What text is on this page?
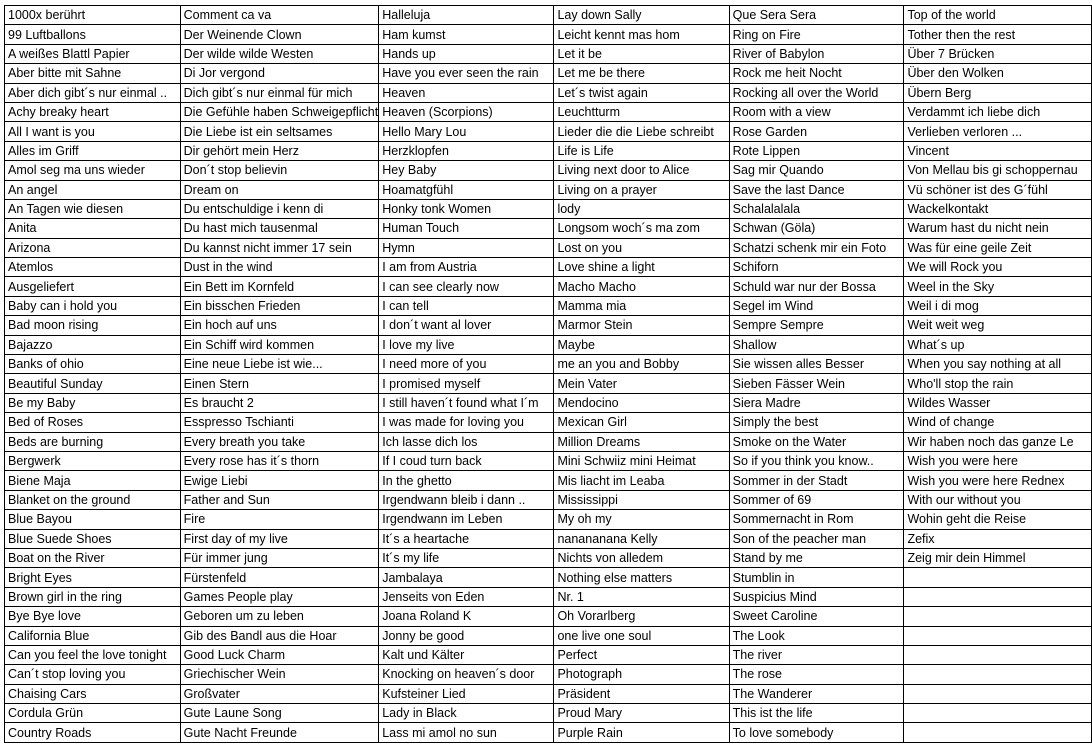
1000x berührt	Comment ca va	Halleluja	Lay down Sally	Que Sera Sera	Top of the world
99 Luftballons	Der Weinende Clown	Ham kumst	Leicht kennt mas hom	Ring on Fire	Tother then the rest
A weißes Blattl Papier	Der wilde wilde Westen	Hands up	Let it be	River of Babylon	Über 7 Brücken
Aber bitte mit Sahne	Di Jor vergond	Have you ever seen the rain	Let me be there	Rock me heit Nocht	Über den Wolken
Aber dich gibt´s nur einmal ..	Dich gibt´s nur einmal für mich	Heaven	Let´s twist again	Rocking all over the World	Übern Berg
Achy breaky heart	Die Gefühle haben Schweigepflicht	Heaven (Scorpions)	Leuchtturm	Room with a view	Verdammt ich liebe dich
All I want is you	Die Liebe ist ein seltsames	Hello Mary Lou	Lieder die die Liebe schreibt	Rose Garden	Verlieben verloren ...
Alles im Griff	Dir gehört mein Herz	Herzklopfen	Life is Life	Rote Lippen	Vincent
Amol seg ma uns wieder	Don´t stop believin	Hey Baby	Living next door to Alice	Sag mir Quando	Von Mellau bis gi schoppernau
An angel	Dream on	Hoamatgfühl	Living on a prayer	Save the last Dance	Vü schöner ist des G´fühl
An Tagen wie diesen	Du entschuldige i kenn di	Honky tonk Women	lody	Schalalalala	Wackelkontakt
Anita	Du hast mich tausenmal	Human Touch	Longsom woch´s ma zom	Schwan (Göla)	Warum hast du nicht nein
Arizona	Du kannst nicht immer 17 sein	Hymn	Lost on you	Schatzi schenk mir ein Foto	Was für eine geile Zeit
Atemlos	Dust in the wind	I am from Austria	Love shine a light	Schiforn	We will Rock you
Ausgeliefert	Ein Bett im Kornfeld	I can see clearly now	Macho Macho	Schuld war nur der Bossa	Weel in the Sky
Baby can i hold you	Ein bisschen Frieden	I can tell	Mamma mia	Segel im Wind	Weil i di mog
Bad moon rising	Ein hoch auf uns	I don´t want al lover	Marmor Stein	Sempre Sempre	Weit weit weg
Bajazzo	Ein Schiff wird kommen	I love my live	Maybe	Shallow	What´s up
Banks of ohio	Eine neue Liebe ist wie...	I need more of you	me an you and Bobby	Sie wissen alles Besser	When you say nothing at all
Beautiful Sunday	Einen Stern	I promised myself	Mein Vater	Sieben Fässer Wein	Who'll stop the rain
Be my Baby	Es braucht 2	I still haven´t found what I´m	Mendocino	Siera Madre	Wildes Wasser
Bed of Roses	Esspresso Tschianti	I was made for loving you	Mexican Girl	Simply the best	Wind of change
Beds are burning	Every breath you take	Ich lasse dich los	Million Dreams	Smoke on the Water	Wir haben noch das ganze Le
Bergwerk	Every rose has it´s thorn	If I coud turn back	Mini Schwiiz mini Heimat	So if you think you know..	Wish you were here
Biene Maja	Ewige Liebi	In the ghetto	Mis liacht im Leaba	Sommer in der Stadt	Wish you were here Rednex
Blanket on the ground	Father and Sun	Irgendwann bleib i dann ..	Mississippi	Sommer of 69	With our without you
Blue Bayou	Fire	Irgendwann im Leben	My oh my	Sommernacht in Rom	Wohin geht die Reise
Blue Suede Shoes	First day of my live	It´s a heartache	nanananana Kelly	Son of the peacher man	Zefix
Boat on the River	Für immer jung	It´s my life	Nichts von alledem	Stand by me	Zeig mir dein Himmel
Bright Eyes	Fürstenfeld	Jambalaya	Nothing else matters	Stumblin in	
Brown girl in the ring	Games People play	Jenseits von Eden	Nr. 1	Suspicius Mind	
Bye Bye love	Geboren um zu leben	Joana Roland K	Oh Vorarlberg	Sweet Caroline	
California Blue	Gib des Bandl aus die Hoar	Jonny be good	one live one soul	The Look	
Can you feel the love tonight	Good Luck Charm	Kalt und Kälter	Perfect	The river	
Can´t stop loving you	Griechischer Wein	Knocking on heaven´s door	Photograph	The rose	
Chaising Cars	Großvater	Kufsteiner Lied	Präsident	The Wanderer	
Cordula Grün	Gute Laune Song	Lady in Black	Proud Mary	This ist the life	
Country Roads	Gute Nacht Freunde	Lass mi amol no sun	Purple Rain	To love somebody	
